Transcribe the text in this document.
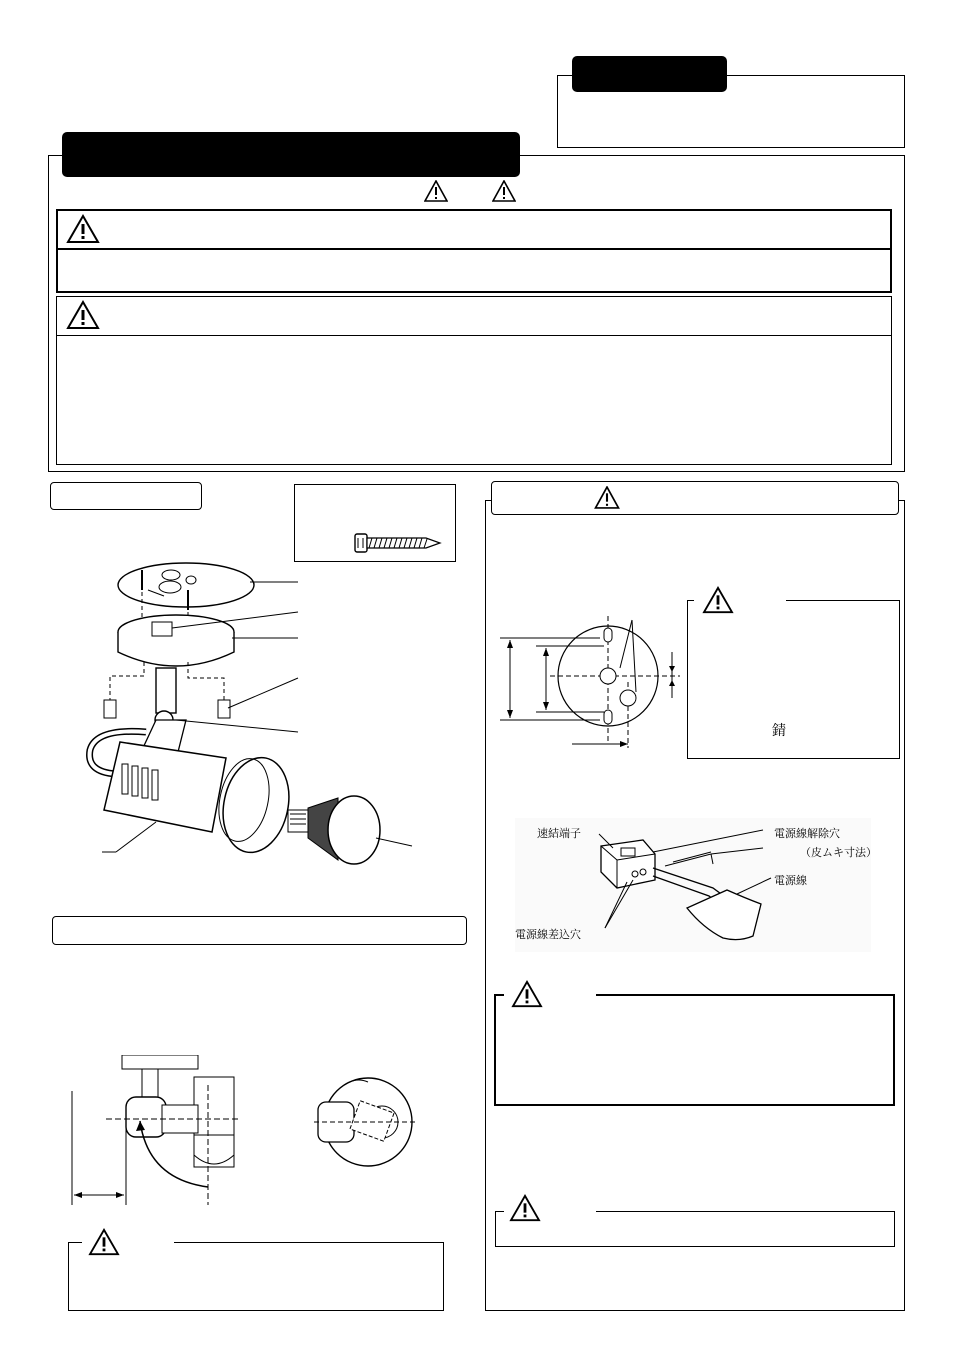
錆
速結端子	電源線解除穴
（皮ムキ寸法）
電源線
電源線差込穴
